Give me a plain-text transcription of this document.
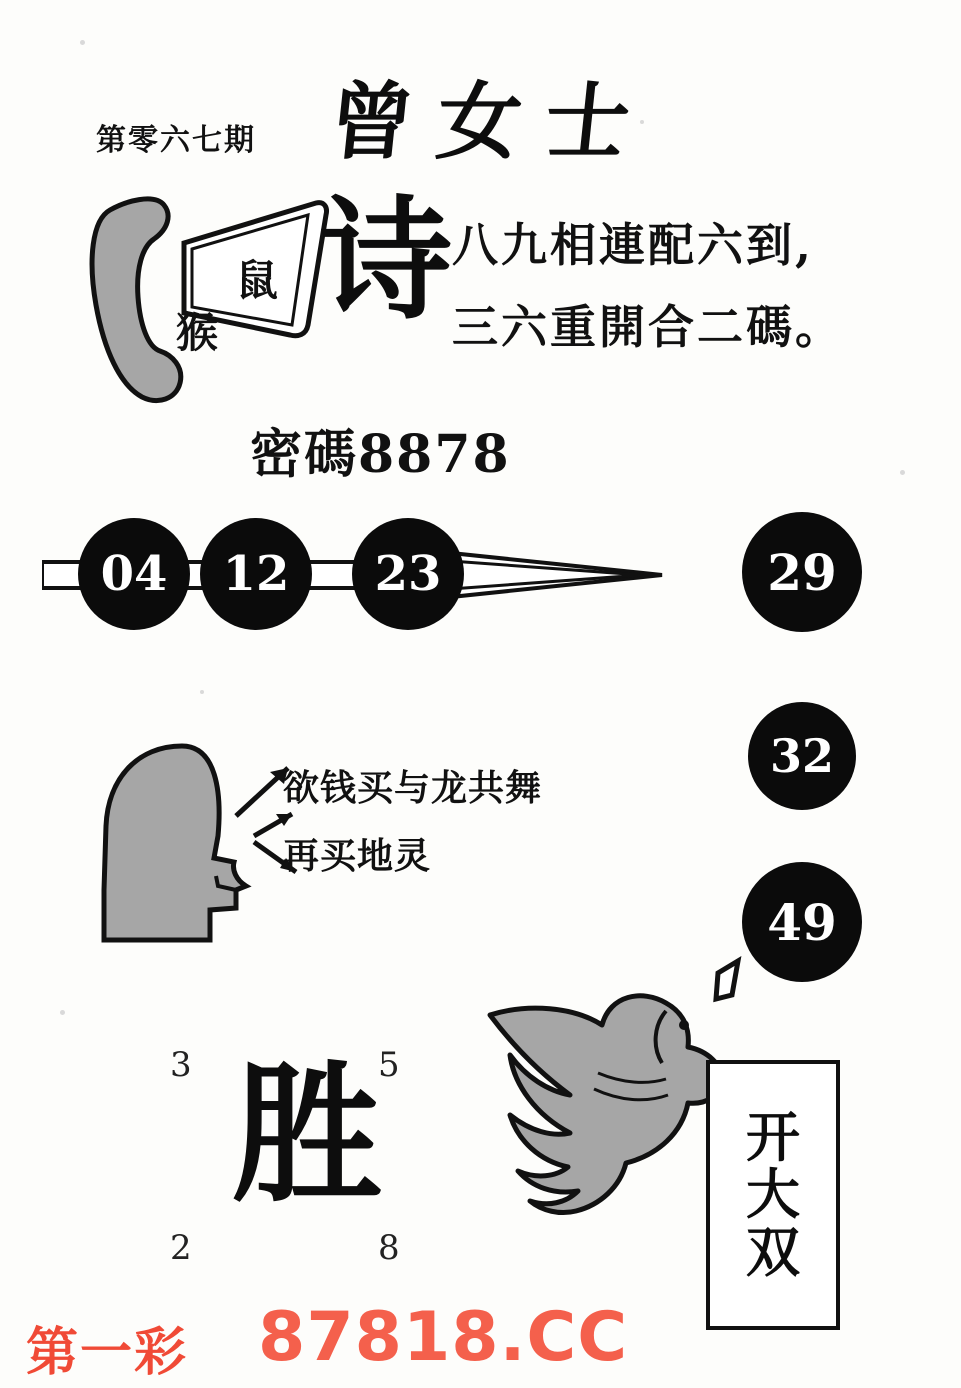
第零六七期 曾女士
鼠
猴 诗 八九相連配六到,
三六重開合二碼。
密碼8878
04	12	23	29
32
49
欲钱买与龙共舞
再买地灵
3	5
2	8
胜	开
大
双
第一彩 87818.CC
